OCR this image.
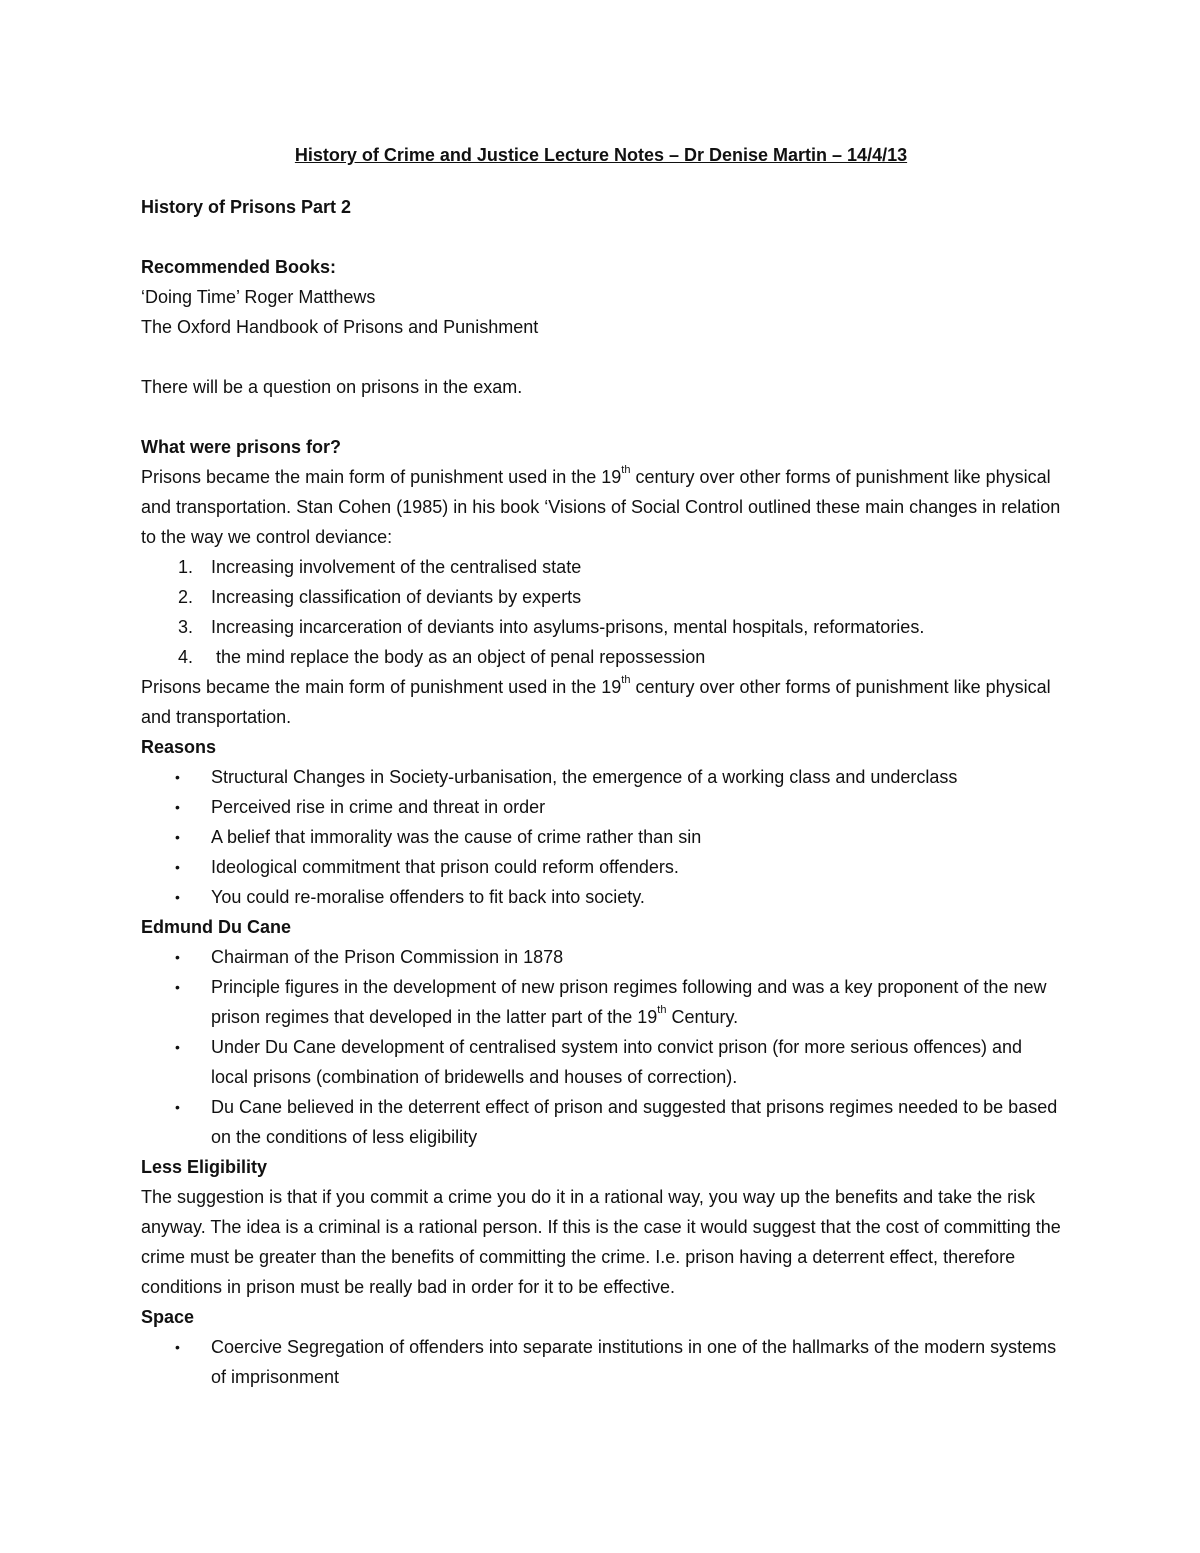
History of Crime and Justice Lecture Notes – Dr Denise Martin – 14/4/13
History of Prisons Part 2
Recommended Books:
‘Doing Time’ Roger Matthews
The Oxford Handbook of Prisons and Punishment
There will be a question on prisons in the exam.
What were prisons for?

Prisons became the main form of punishment used in the 19th century over other forms of punishment like physical and transportation. Stan Cohen (1985) in his book ‘Visions of Social Control outlined these main changes in relation to the way we control deviance:

1. Increasing involvement of the centralised state
2. Increasing classification of deviants by experts
3. Increasing incarceration of deviants into asylums-prisons, mental hospitals, reformatories.
4. the mind replace the body as an object of penal repossession

Prisons became the main form of punishment used in the 19th century over other forms of punishment like physical and transportation.

Reasons
• Structural Changes in Society-urbanisation, the emergence of a working class and underclass
• Perceived rise in crime and threat in order
• A belief that immorality was the cause of crime rather than sin
• Ideological commitment that prison could reform offenders.
• You could re-moralise offenders to fit back into society.
Edmund Du Cane
• Chairman of the Prison Commission in 1878
• Principle figures in the development of new prison regimes following and was a key proponent of the new prison regimes that developed in the latter part of the 19th Century.
• Under Du Cane development of centralised system into convict prison (for more serious offences) and local prisons (combination of bridewells and houses of correction).
• Du Cane believed in the deterrent effect of prison and suggested that prisons regimes needed to be based on the conditions of less eligibility
Less Eligibility

The suggestion is that if you commit a crime you do it in a rational way, you way up the benefits and take the risk anyway. The idea is a criminal is a rational person. If this is the case it would suggest that the cost of committing the crime must be greater than the benefits of committing the crime. I.e. prison having a deterrent effect, therefore conditions in prison must be really bad in order for it to be effective.

Space
• Coercive Segregation of offenders into separate institutions in one of the hallmarks of the modern systems of imprisonment
